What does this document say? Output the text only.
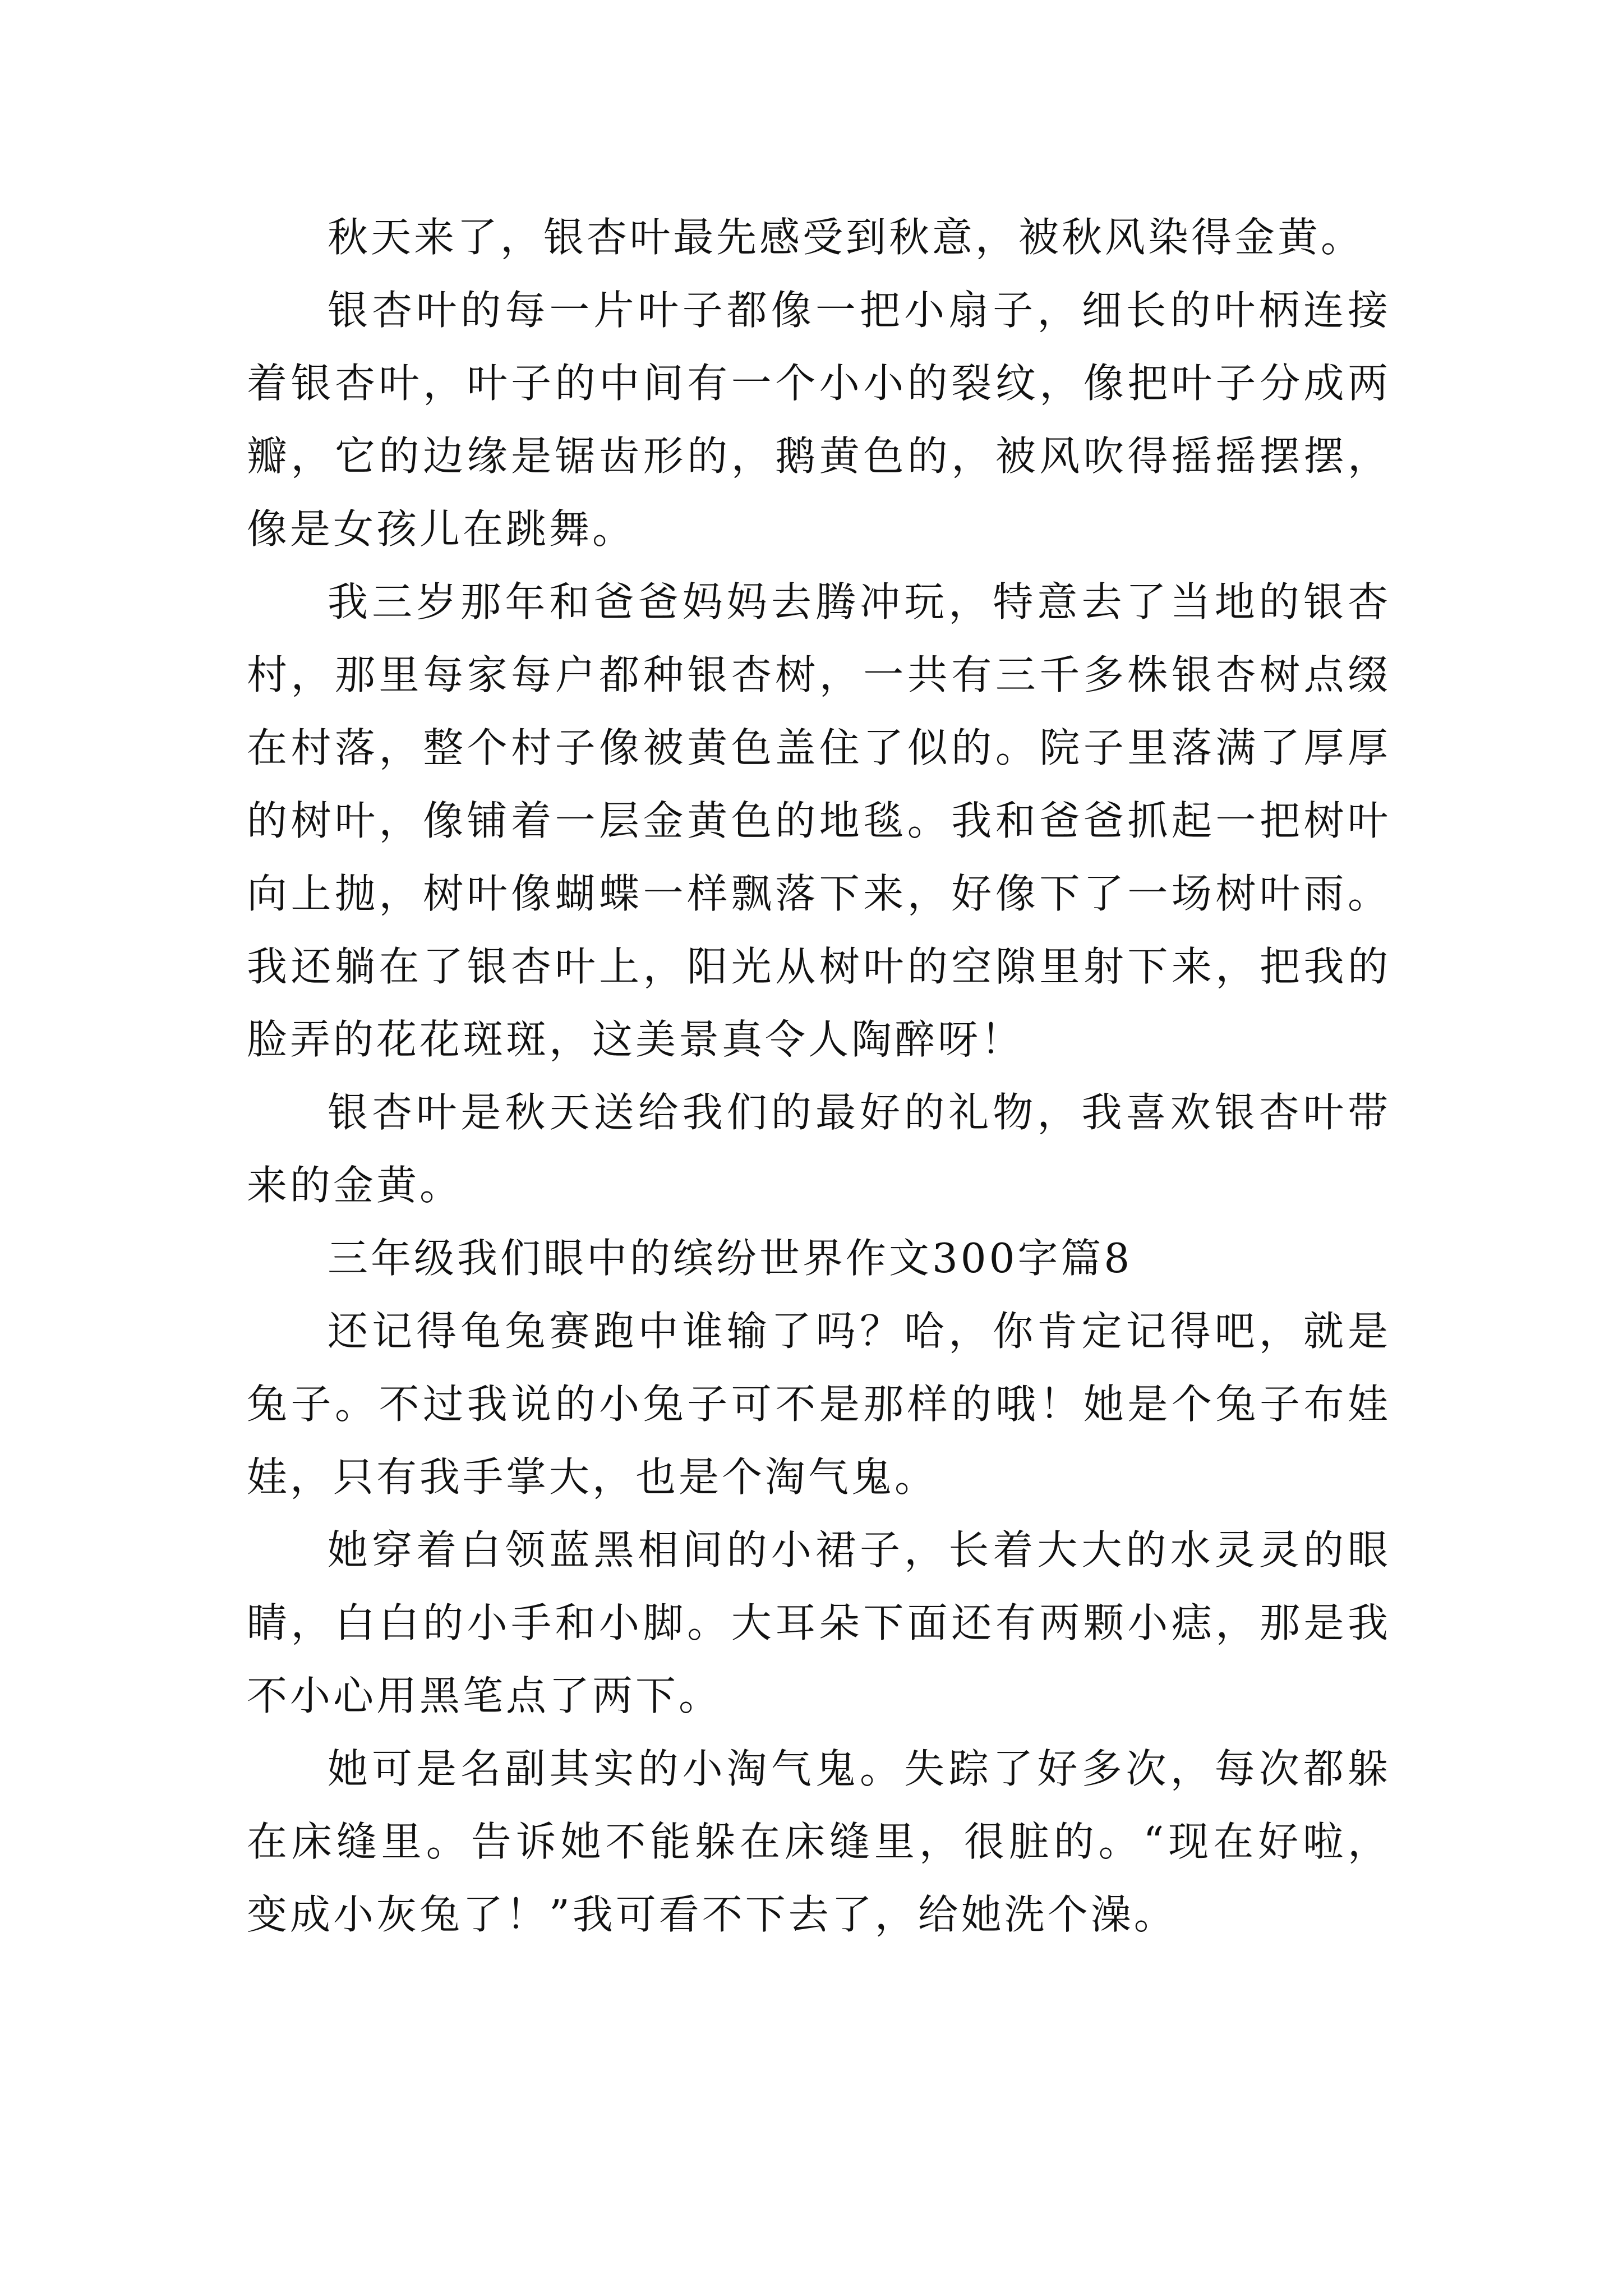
秋天来了，银杏叶最先感受到秋意，被秋风染得金黄。

银杏叶的每一片叶子都像一把小扇子，细长的叶柄连接着银杏叶，叶子的中间有一个小小的裂纹，像把叶子分成两瓣，它的边缘是锯齿形的，鹅黄色的，被风吹得摇摇摆摆，像是女孩儿在跳舞。

我三岁那年和爸爸妈妈去腾冲玩，特意去了当地的银杏村，那里每家每户都种银杏树，一共有三千多株银杏树点缀在村落，整个村子像被黄色盖住了似的。院子里落满了厚厚的树叶，像铺着一层金黄色的地毯。我和爸爸抓起一把树叶向上抛，树叶像蝴蝶一样飘落下来，好像下了一场树叶雨。我还躺在了银杏叶上，阳光从树叶的空隙里射下来，把我的脸弄的花花斑斑，这美景真令人陶醉呀！

银杏叶是秋天送给我们的最好的礼物，我喜欢银杏叶带来的金黄。

三年级我们眼中的缤纷世界作文300字篇8

还记得龟兔赛跑中谁输了吗？哈，你肯定记得吧，就是兔子。不过我说的小兔子可不是那样的哦！她是个兔子布娃娃，只有我手掌大，也是个淘气鬼。

她穿着白领蓝黑相间的小裙子，长着大大的水灵灵的眼睛，白白的小手和小脚。大耳朵下面还有两颗小痣，那是我不小心用黑笔点了两下。

她可是名副其实的小淘气鬼。失踪了好多次，每次都躲在床缝里。告诉她不能躲在床缝里，很脏的。“现在好啦，变成小灰兔了！”我可看不下去了，给她洗个澡。
